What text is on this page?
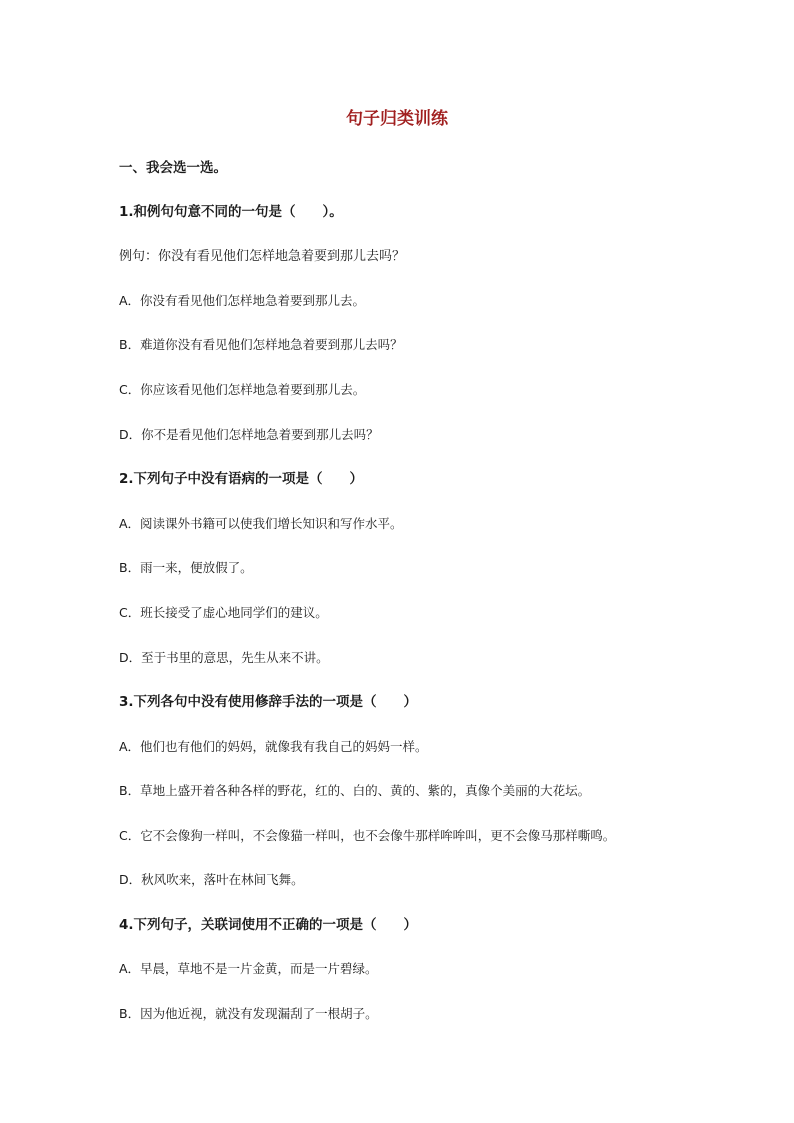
句子归类训练

一、我会选一选。

1.和例句句意不同的一句是（　　）。

例句：你没有看见他们怎样地急着要到那儿去吗？

A．你没有看见他们怎样地急着要到那儿去。

B．难道你没有看见他们怎样地急着要到那儿去吗？

C．你应该看见他们怎样地急着要到那儿去。

D．你不是看见他们怎样地急着要到那儿去吗？

2.下列句子中没有语病的一项是（　　）

A．阅读课外书籍可以使我们增长知识和写作水平。

B．雨一来，便放假了。

C．班长接受了虚心地同学们的建议。

D．至于书里的意思，先生从来不讲。

3.下列各句中没有使用修辞手法的一项是（　　）

A．他们也有他们的妈妈，就像我有我自己的妈妈一样。

B．草地上盛开着各种各样的野花，红的、白的、黄的、紫的，真像个美丽的大花坛。

C．它不会像狗一样叫，不会像猫一样叫，也不会像牛那样哞哞叫，更不会像马那样嘶鸣。

D．秋风吹来，落叶在林间飞舞。

4.下列句子，关联词使用不正确的一项是（　　）

A．早晨，草地不是一片金黄，而是一片碧绿。

B．因为他近视，就没有发现漏刮了一根胡子。
